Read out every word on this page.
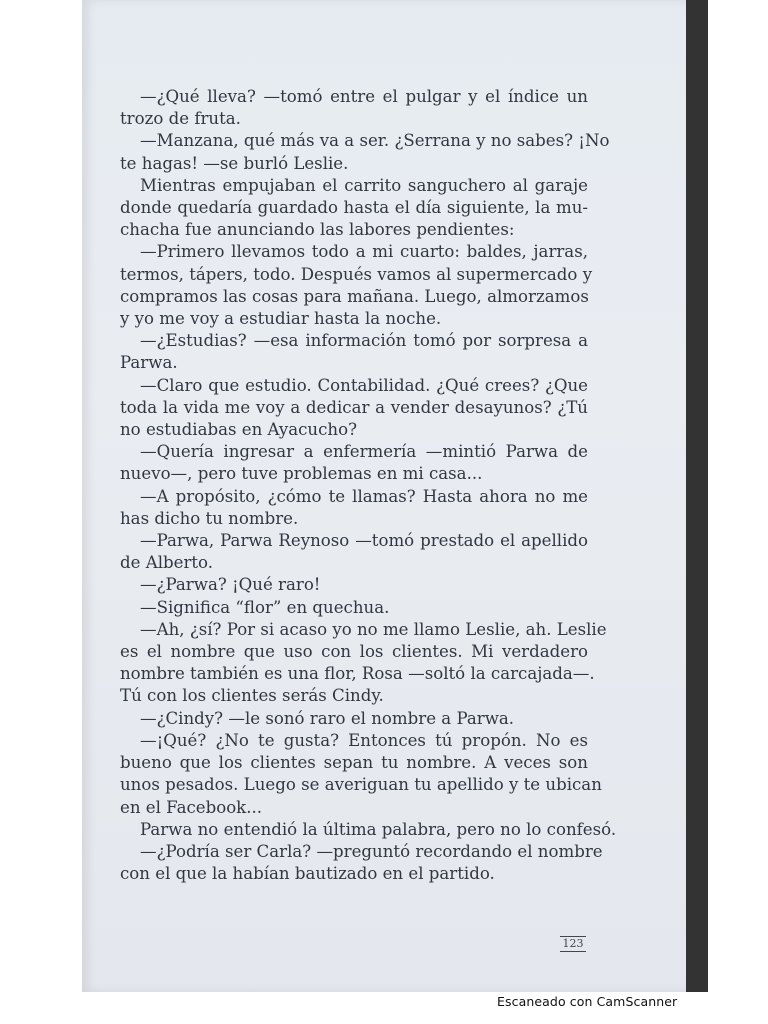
—¿Qué lleva? —tomó entre el pulgar y el índice un
trozo de fruta.
—Manzana, qué más va a ser. ¿Serrana y no sabes? ¡No
te hagas! —se burló Leslie.
Mientras empujaban el carrito sanguchero al garaje
donde quedaría guardado hasta el día siguiente, la mu-
chacha fue anunciando las labores pendientes:
—Primero llevamos todo a mi cuarto: baldes, jarras,
termos, tápers, todo. Después vamos al supermercado y
compramos las cosas para mañana. Luego, almorzamos
y yo me voy a estudiar hasta la noche.
—¿Estudias? —esa información tomó por sorpresa a
Parwa.
—Claro que estudio. Contabilidad. ¿Qué crees? ¿Que
toda la vida me voy a dedicar a vender desayunos? ¿Tú
no estudiabas en Ayacucho?
—Quería ingresar a enfermería —mintió Parwa de
nuevo—, pero tuve problemas en mi casa...
—A propósito, ¿cómo te llamas? Hasta ahora no me
has dicho tu nombre.
—Parwa, Parwa Reynoso —tomó prestado el apellido
de Alberto.
—¿Parwa? ¡Qué raro!
—Significa “flor” en quechua.
—Ah, ¿sí? Por si acaso yo no me llamo Leslie, ah. Leslie
es el nombre que uso con los clientes. Mi verdadero
nombre también es una flor, Rosa —soltó la carcajada—.
Tú con los clientes serás Cindy.
—¿Cindy? —le sonó raro el nombre a Parwa.
—¡Qué? ¿No te gusta? Entonces tú propón. No es
bueno que los clientes sepan tu nombre. A veces son
unos pesados. Luego se averiguan tu apellido y te ubican
en el Facebook...
Parwa no entendió la última palabra, pero no lo confesó.
—¿Podría ser Carla? —preguntó recordando el nombre
con el que la habían bautizado en el partido.
123
Escaneado con CamScanner
